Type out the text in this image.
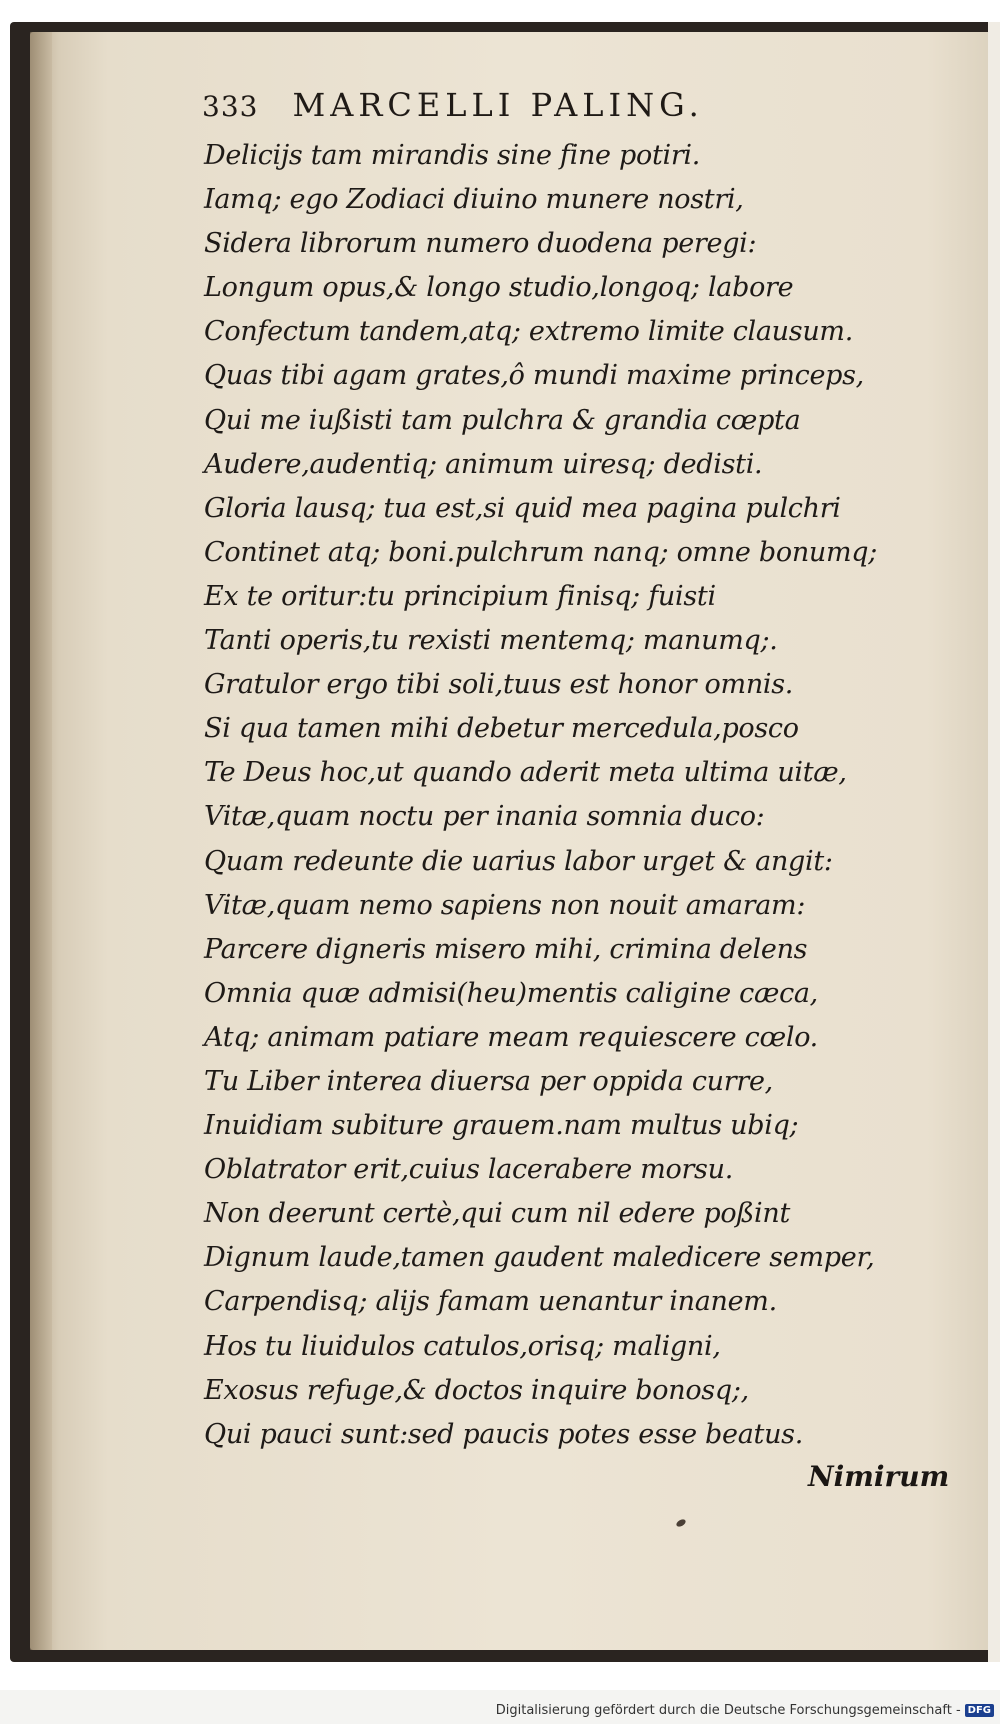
333 MARCELLI PALING.
Delicijs tam mirandis sine fine potiri.
Iamq; ego Zodiaci diuino munere nostri,
Sidera librorum numero duodena peregi:
Longum opus,& longo studio,longoq; labore
Confectum tandem,atq; extremo limite clausum.
Quas tibi agam grates,ô mundi maxime princeps,
Qui me iußisti tam pulchra & grandia cœpta
Audere,audentiq; animum uiresq; dedisti.
Gloria lausq; tua est,si quid mea pagina pulchri
Continet atq; boni.pulchrum nanq; omne bonumq;
Ex te oritur:tu principium finisq; fuisti
Tanti operis,tu rexisti mentemq; manumq;.
Gratulor ergo tibi soli,tuus est honor omnis.
Si qua tamen mihi debetur mercedula,posco
Te Deus hoc,ut quando aderit meta ultima uitæ,
Vitæ,quam noctu per inania somnia duco:
Quam redeunte die uarius labor urget & angit:
Vitæ,quam nemo sapiens non nouit amaram:
Parcere digneris misero mihi, crimina delens
Omnia quæ admisi(heu)mentis caligine cæca,
Atq; animam patiare meam requiescere cœlo.
Tu Liber interea diuersa per oppida curre,
Inuidiam subiture grauem.nam multus ubiq;
Oblatrator erit,cuius lacerabere morsu.
Non deerunt certè,qui cum nil edere poßint
Dignum laude,tamen gaudent maledicere semper,
Carpendisq; alijs famam uenantur inanem.
Hos tu liuidulos catulos,orisq; maligni,
Exosus refuge,& doctos inquire bonosq;,
Qui pauci sunt:sed paucis potes esse beatus.
Nimirum
Digitalisierung gefördert durch die Deutsche Forschungsgemeinschaft - DFG
